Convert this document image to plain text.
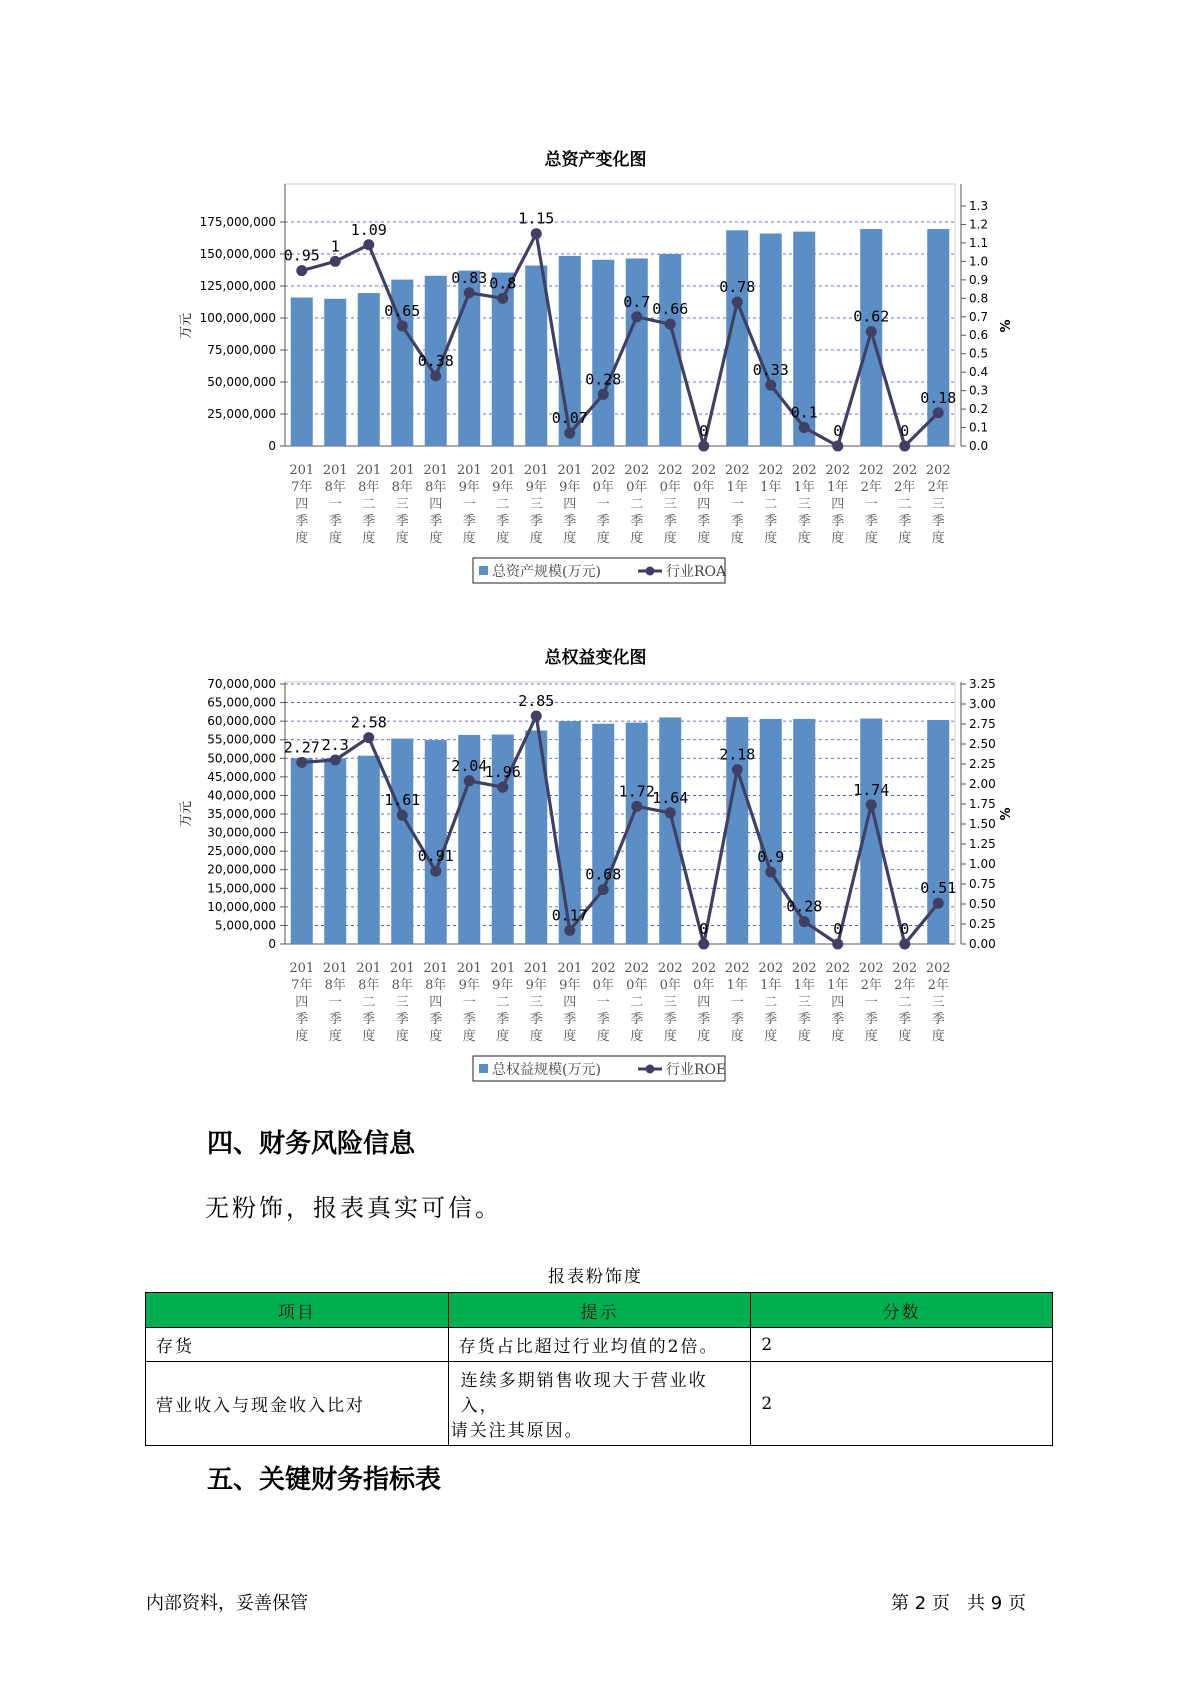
总资产变化图
0
25,000,000
50,000,000
75,000,000
100,000,000
125,000,000
150,000,000
175,000,000
0.0
0.1
0.2
0.3
0.4
0.5
0.6
0.7
0.8
0.9
1.0
1.1
1.2
1.3
万元	%
0.95
1
1.09
0.65
0.38
0.83 0.8
1.15
0.07
0.28
0.7 0.66
0
0.78
0.33
0.1
0
0.62
0
0.18
201
7年
四
季
度
201
8年
一
季
度
201
8年
二
季
度
201
8年
三
季
度
201
8年
四
季
度
201
9年
一
季
度
201
9年
二
季
度
201
9年
三
季
度
201
9年
四
季
度
202
0年
一
季
度
202
0年
二
季
度
202
0年
三
季
度
202
0年
四
季
度
202
1年
一
季
度
202
1年
二
季
度
202
1年
三
季
度
202
1年
四
季
度
202
2年
一
季
度
202
2年
二
季
度
202
2年
三
季
度
总资产规模(万元)	行业ROA
总权益变化图
0
5,000,000
10,000,000
15,000,000
20,000,000
25,000,000
30,000,000
35,000,000
40,000,000
45,000,000
50,000,000
55,000,000
60,000,000
65,000,000
70,000,000
0.00
0.25
0.50
0.75
1.00
1.25
1.50
1.75
2.00
2.25
2.50
2.75
3.00
3.25
万元	%
2.27 2.3
2.58
1.61
0.91
2.04
1.96
2.85
0.17
0.68
1.72
1.64
0
2.18
0.9
0.28
0
1.74
0
0.51
201
7年
四
季
度
201
8年
一
季
度
201
8年
二
季
度
201
8年
三
季
度
201
8年
四
季
度
201
9年
一
季
度
201
9年
二
季
度
201
9年
三
季
度
201
9年
四
季
度
202
0年
一
季
度
202
0年
二
季
度
202
0年
三
季
度
202
0年
四
季
度
202
1年
一
季
度
202
1年
二
季
度
202
1年
三
季
度
202
1年
四
季
度
202
2年
一
季
度
202
2年
二
季
度
202
2年
三
季
度
总权益规模(万元)	行业ROE
四、财务风险信息
无粉饰，报表真实可信。
报表粉饰度
项目	提示	分数
存货	存货占比超过行业均值的2倍。	2
营业收入与现金收入比对	连续多期销售收现大于营业收入，
请关注其原因。	2
五、关键财务指标表
内部资料，妥善保管	第 2 页   共 9 页
